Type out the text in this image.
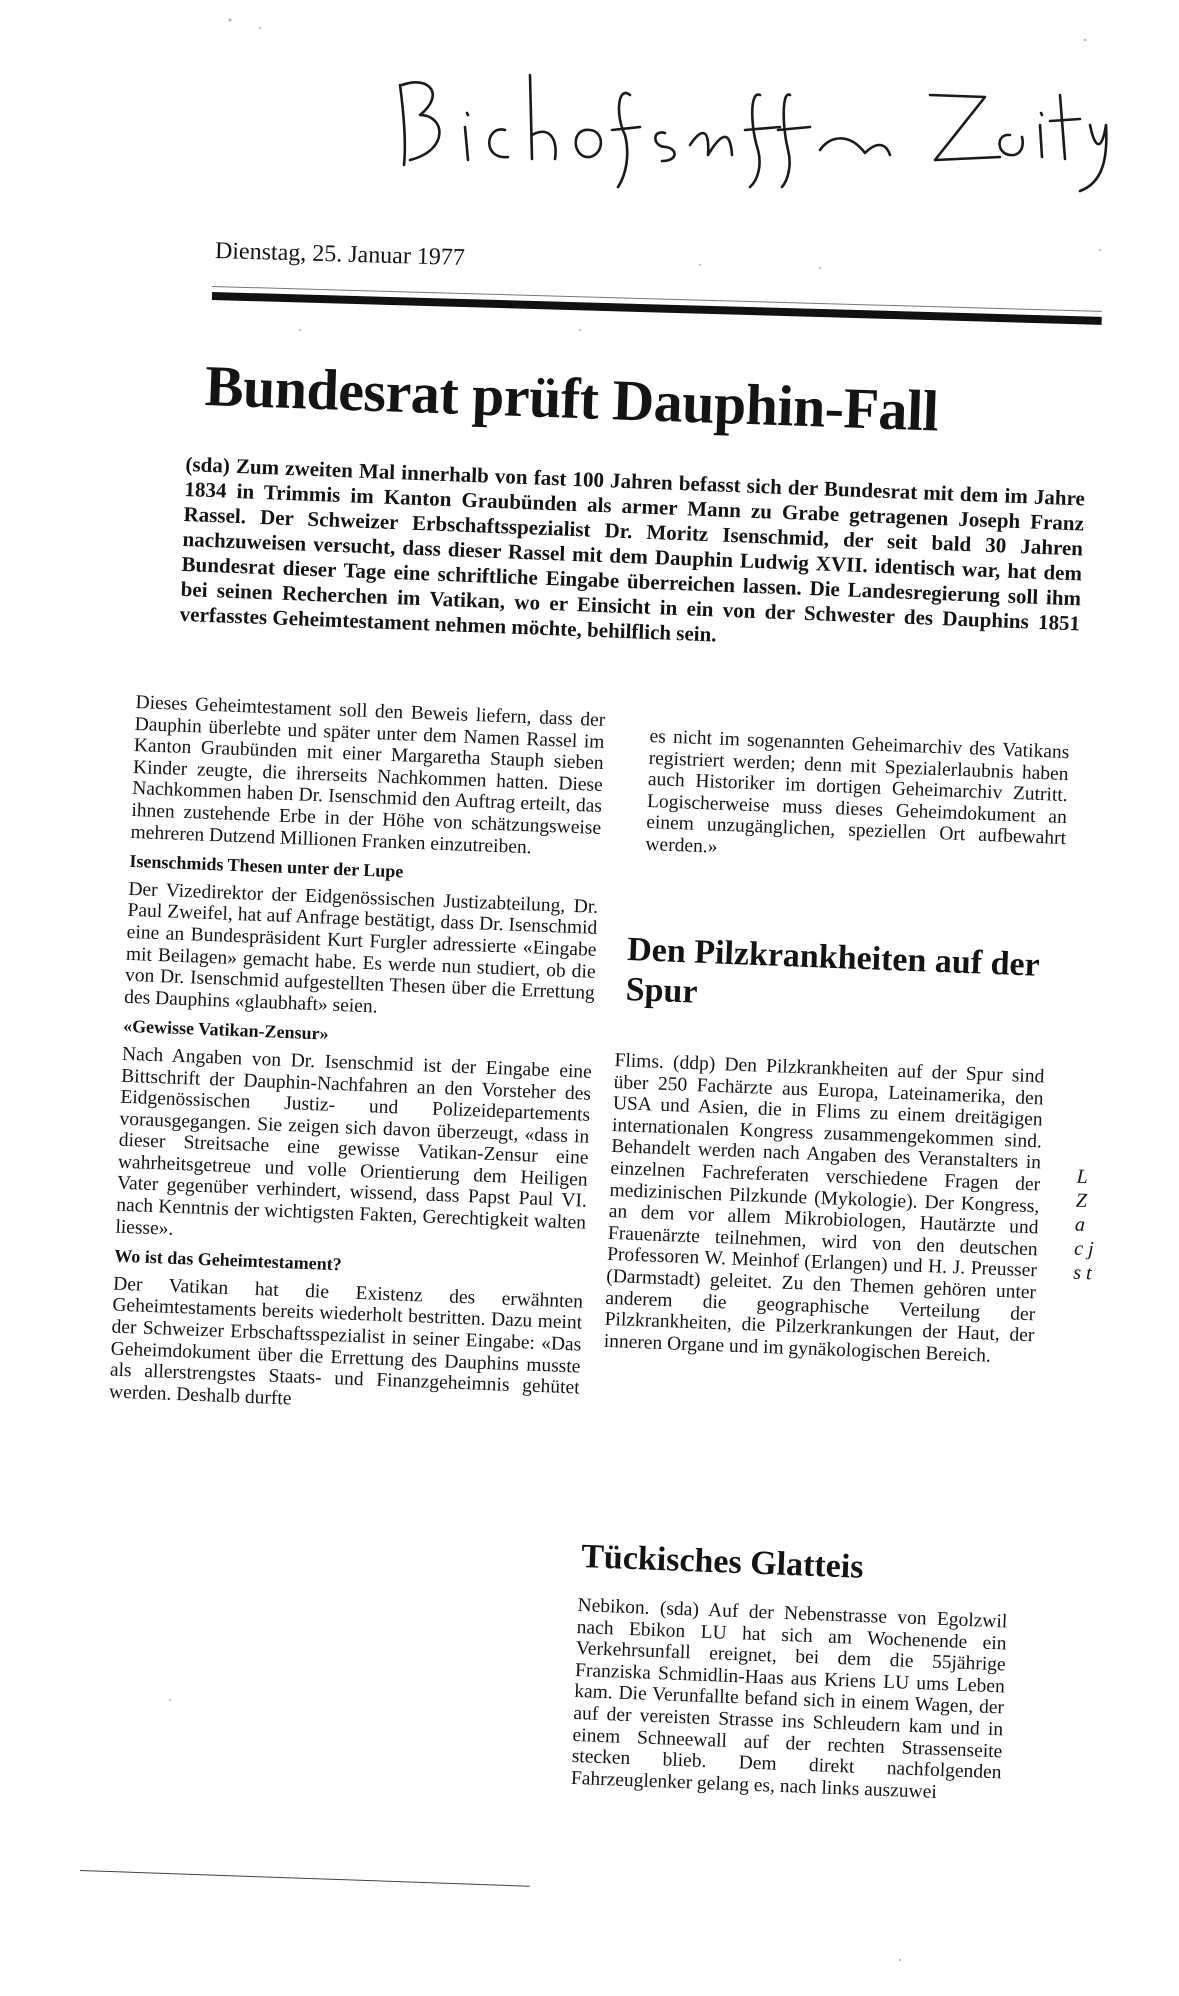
Dienstag, 25. Januar 1977
Bundesrat prüft Dauphin-Fall
(sda) Zum zweiten Mal innerhalb von fast 100 Jahren befasst sich der Bundesrat mit dem im Jahre 1834 in Trimmis im Kanton Graubünden als armer Mann zu Grabe getragenen Joseph Franz Rassel. Der Schweizer Erbschaftsspezialist Dr. Moritz Isenschmid, der seit bald 30 Jahren nachzuweisen versucht, dass dieser Rassel mit dem Dauphin Ludwig XVII. identisch war, hat dem Bundesrat dieser Tage eine schriftliche Eingabe überreichen lassen. Die Landesregierung soll ihm bei seinen Recherchen im Vatikan, wo er Einsicht in ein von der Schwester des Dauphins 1851 verfasstes Geheimtestament nehmen möchte, behilflich sein.

Dieses Geheimtestament soll den Beweis liefern, dass der Dauphin überlebte und später unter dem Namen Rassel im Kanton Graubünden mit einer Margaretha Stauph sieben Kinder zeugte, die ihrerseits Nachkommen hatten. Diese Nachkommen haben Dr. Isenschmid den Auftrag erteilt, das ihnen zustehende Erbe in der Höhe von schätzungsweise mehreren Dutzend Millionen Franken einzutreiben.

Isenschmids Thesen unter der Lupe

Der Vizedirektor der Eidgenössischen Justizabteilung, Dr. Paul Zweifel, hat auf Anfrage bestätigt, dass Dr. Isenschmid eine an Bundespräsident Kurt Furgler adressierte «Eingabe mit Beilagen» gemacht habe. Es werde nun studiert, ob die von Dr. Isenschmid aufgestellten Thesen über die Errettung des Dauphins «glaubhaft» seien.

«Gewisse Vatikan-Zensur»

Nach Angaben von Dr. Isenschmid ist der Eingabe eine Bittschrift der Dauphin-Nachfahren an den Vorsteher des Eidgenössischen Justiz- und Polizeidepartements vorausgegangen. Sie zeigen sich davon überzeugt, «dass in dieser Streitsache eine gewisse Vatikan-Zensur eine wahrheitsgetreue und volle Orientierung dem Heiligen Vater gegenüber verhindert, wissend, dass Papst Paul VI. nach Kenntnis der wichtigsten Fakten, Gerechtigkeit walten liesse».

Wo ist das Geheimtestament?

Der Vatikan hat die Existenz des erwähnten Geheimtestaments bereits wiederholt bestritten. Dazu meint der Schweizer Erbschaftsspezialist in seiner Eingabe: «Das Geheimdokument über die Errettung des Dauphins musste als allerstrengstes Staats- und Finanzgeheimnis gehütet werden. Deshalb durfte

es nicht im sogenannten Geheimarchiv des Vatikans registriert werden; denn mit Spezialerlaubnis haben auch Historiker im dortigen Geheimarchiv Zutritt. Logischerweise muss dieses Geheimdokument an einem unzugänglichen, speziellen Ort aufbewahrt werden.»

Den Pilzkrankheiten auf der Spur

Flims. (ddp) Den Pilzkrankheiten auf der Spur sind über 250 Fachärzte aus Europa, Lateinamerika, den USA und Asien, die in Flims zu einem dreitägigen internationalen Kongress zusammengekommen sind. Behandelt werden nach Angaben des Veranstalters in einzelnen Fachreferaten verschiedene Fragen der medizinischen Pilzkunde (Mykologie). Der Kongress, an dem vor allem Mikrobiologen, Hautärzte und Frauenärzte teilnehmen, wird von den deutschen Professoren W. Meinhof (Erlangen) und H. J. Preusser (Darmstadt) geleitet. Zu den Themen gehören unter anderem die geographische Verteilung der Pilzkrankheiten, die Pilzerkrankungen der Haut, der inneren Organe und im gynäkologischen Bereich.

Tückisches Glatteis

Nebikon. (sda) Auf der Nebenstrasse von Egolzwil nach Ebikon LU hat sich am Wochenende ein Verkehrsunfall ereignet, bei dem die 55jährige Franziska Schmidlin-Haas aus Kriens LU ums Leben kam. Die Verunfallte befand sich in einem Wagen, der auf der vereisten Strasse ins Schleudern kam und in einem Schneewall auf der rechten Strassenseite stecken blieb. Dem direkt nachfolgenden Fahrzeuglenker gelang es, nach links auszuwei

L Z a c j s t
